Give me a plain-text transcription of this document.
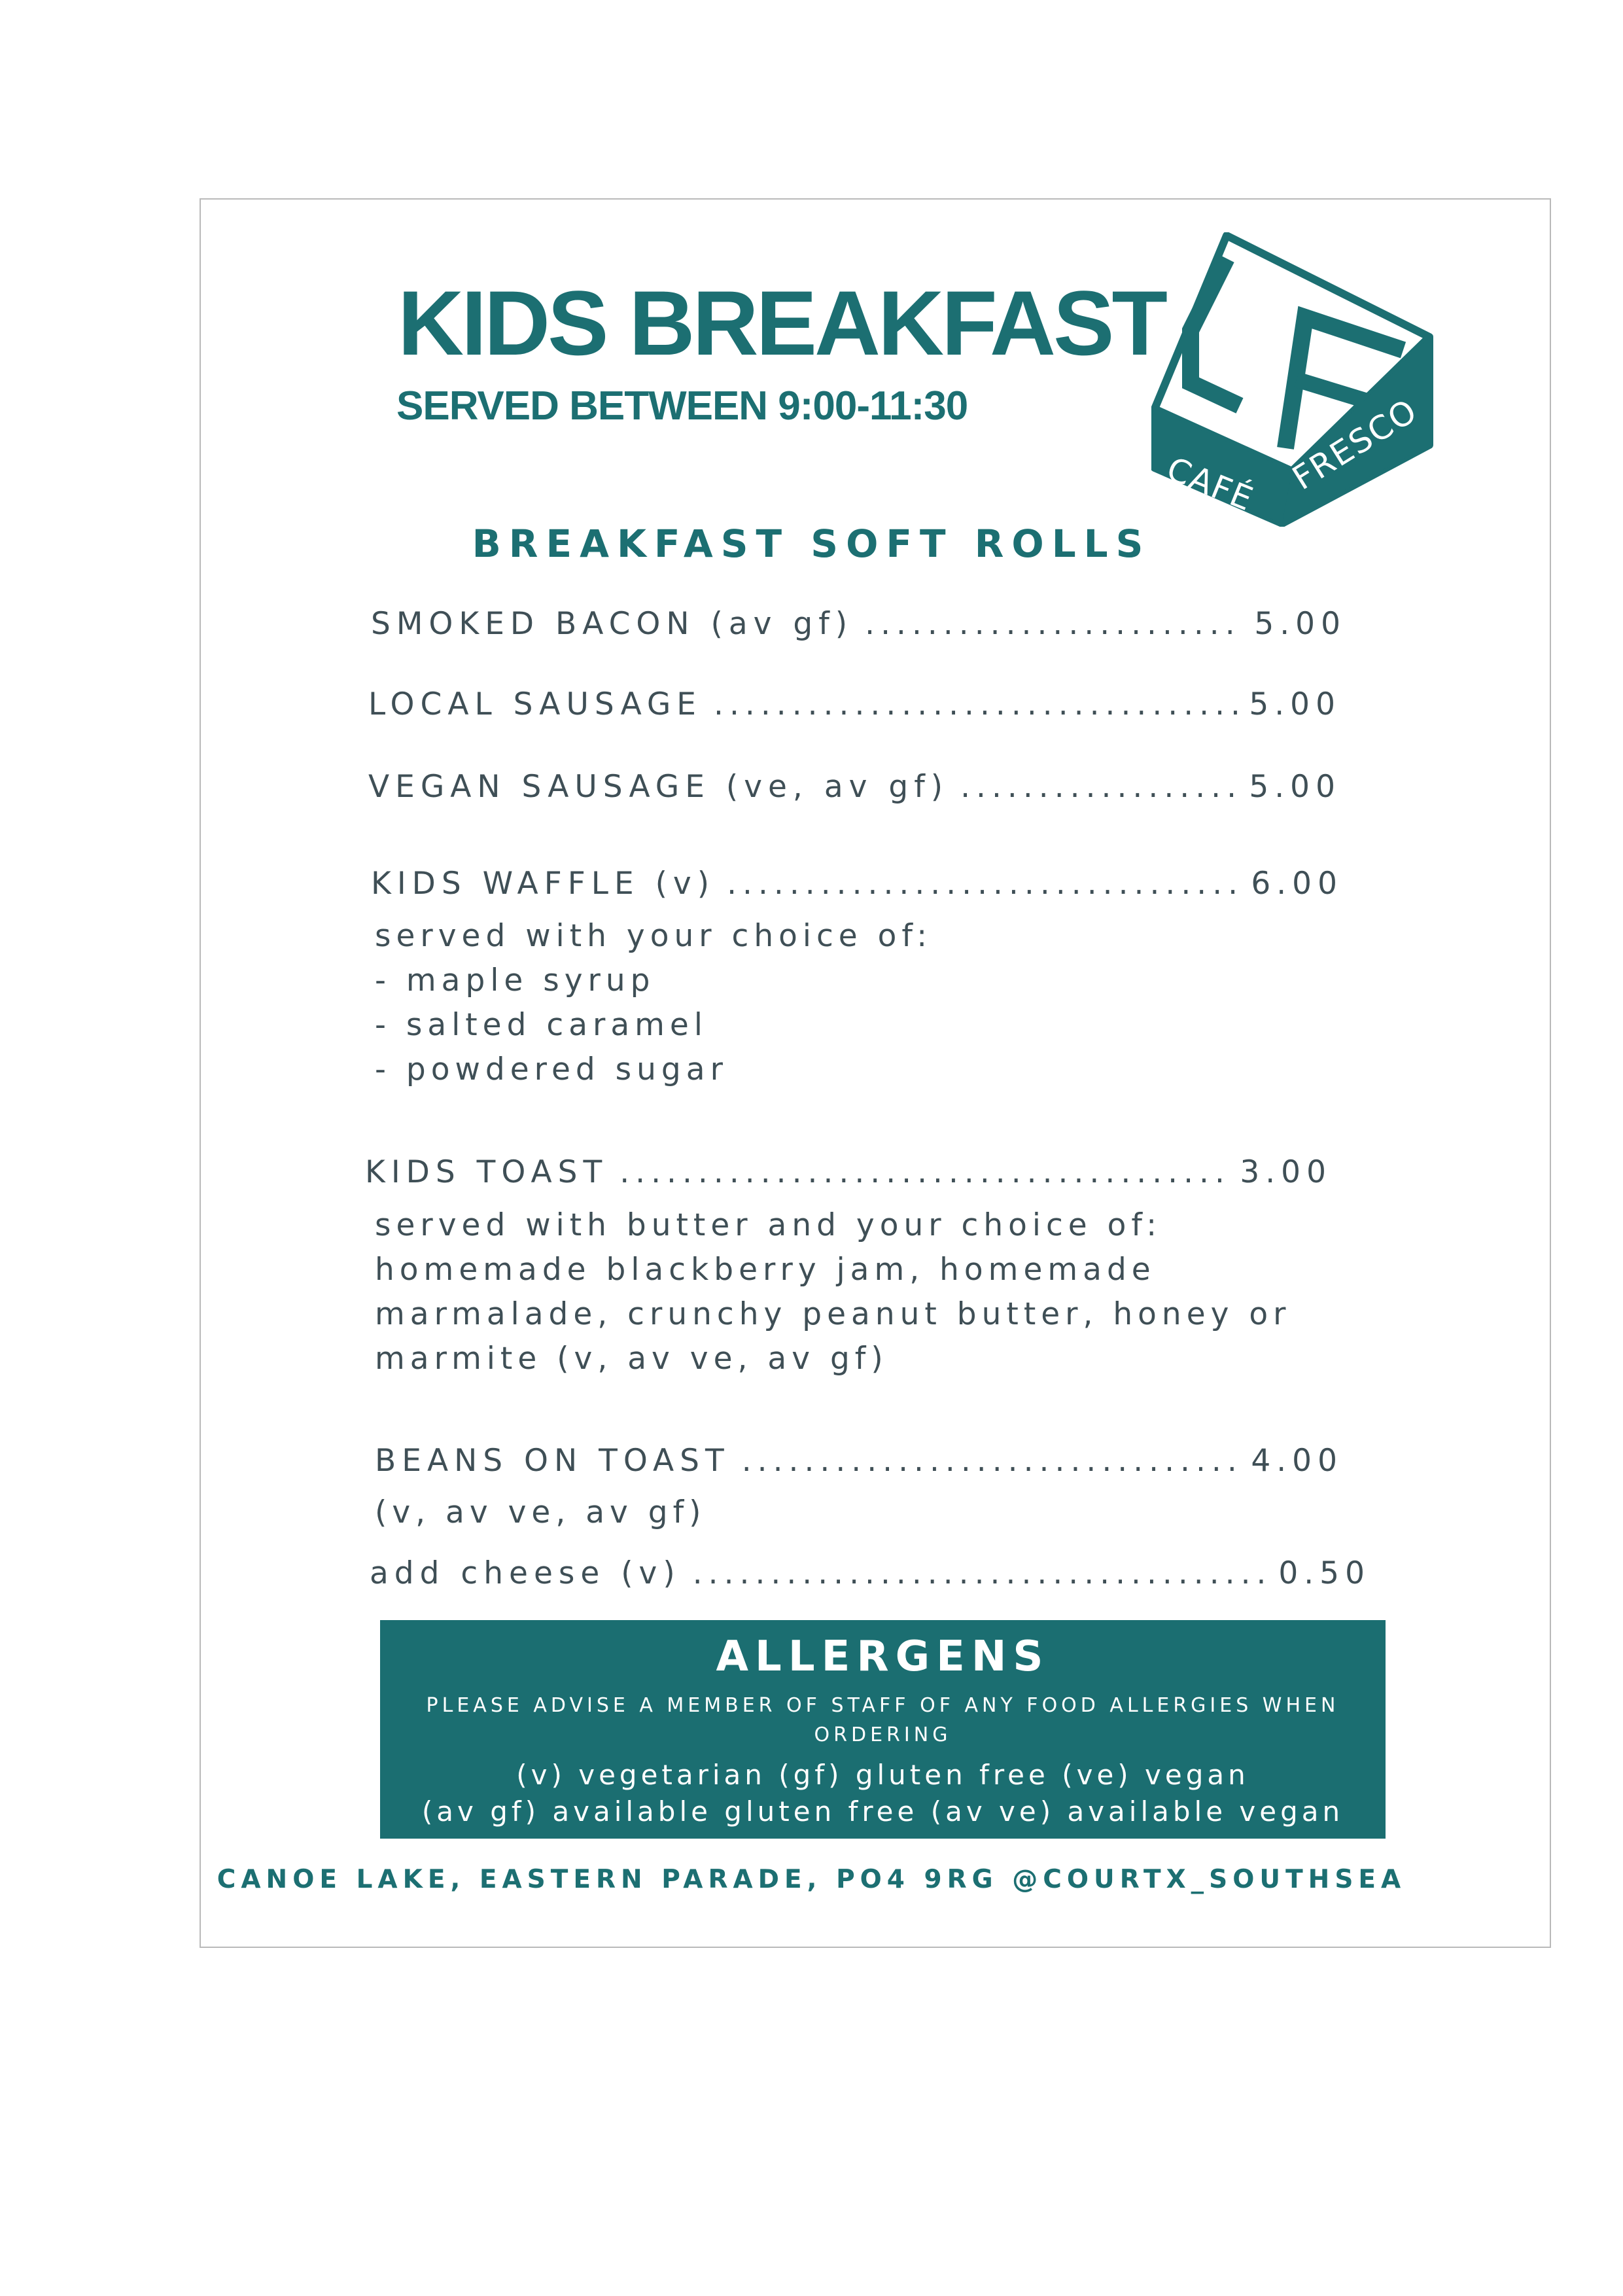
KIDS BREAKFAST
SERVED BETWEEN 9:00-11:30
CAFÉ FRESCO
BREAKFAST SOFT ROLLS
SMOKED BACON (av gf) .....	5.00
LOCAL SAUSAGE .....	5.00
VEGAN SAUSAGE (ve, av gf) .....	5.00
KIDS WAFFLE (v) .....	6.00
served with your choice of:
- maple syrup
- salted caramel
- powdered sugar
KIDS TOAST .....	3.00
served with butter and your choice of:
homemade blackberry jam, homemade
marmalade, crunchy peanut butter, honey or
marmite (v, av ve, av gf)
BEANS ON TOAST .....	4.00
(v, av ve, av gf)
add cheese (v) .....	0.50
ALLERGENS
PLEASE ADVISE A MEMBER OF STAFF OF ANY FOOD ALLERGIES WHEN ORDERING
(v) vegetarian (gf) gluten free (ve) vegan
(av gf) available gluten free (av ve) available vegan
CANOE LAKE, EASTERN PARADE, PO4 9RG @COURTX_SOUTHSEA
